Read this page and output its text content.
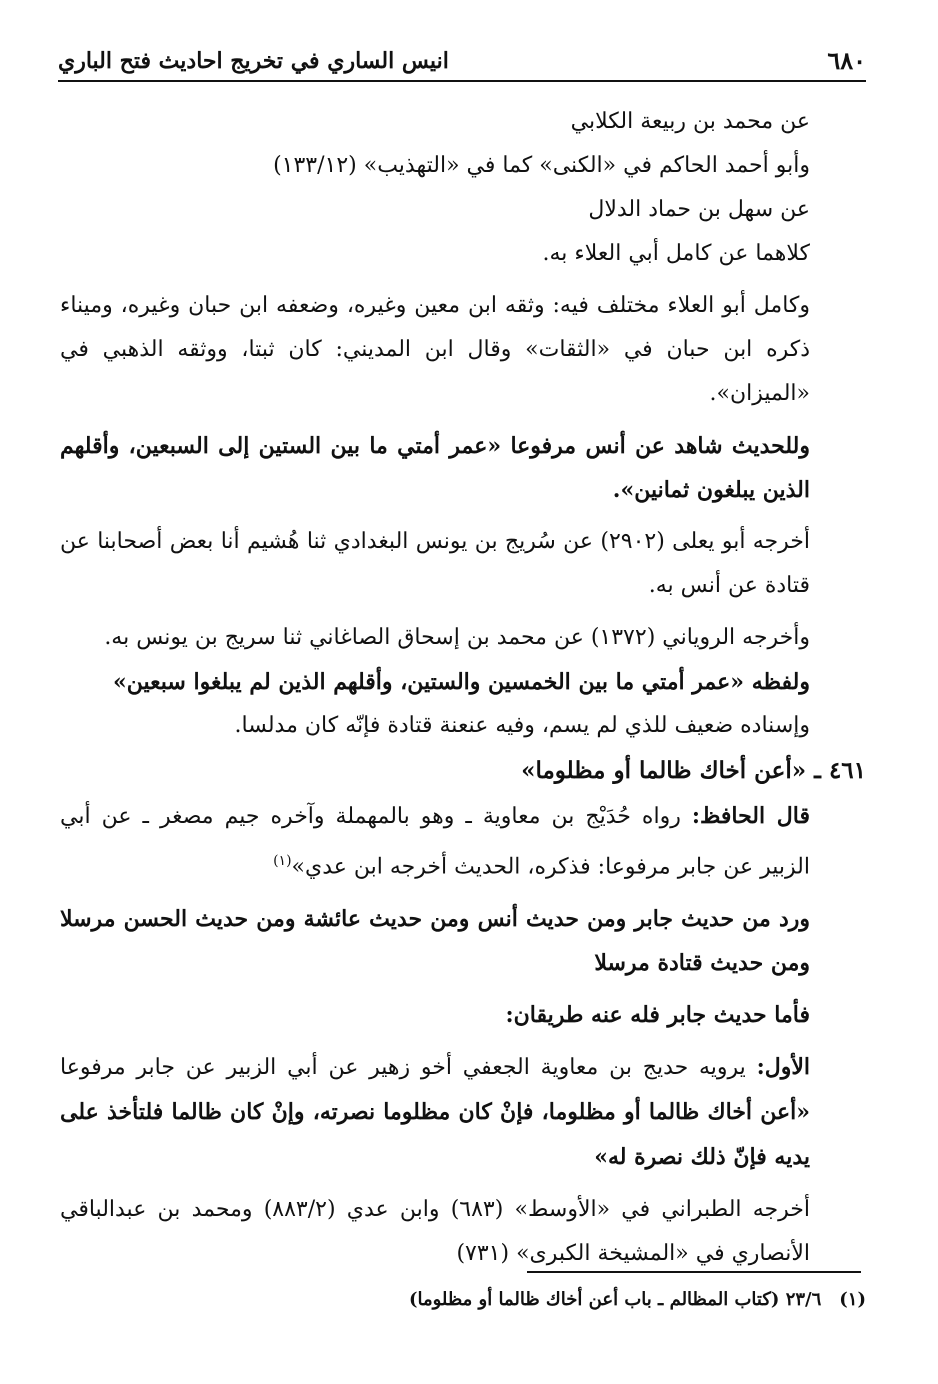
٦٨٠
انيس الساري في تخريج احاديث فتح الباري

عن محمد بن ربيعة الكلابي

وأبو أحمد الحاكم في «الكنى» كما في «التهذيب» (١٣٣/١٢)

عن سهل بن حماد الدلال

كلاهما عن كامل أبي العلاء به.

وكامل أبو العلاء مختلف فيه: وثقه ابن معين وغيره، وضعفه ابن حبان وغيره، وميناء ذكره ابن حبان في «الثقات» وقال ابن المديني: كان ثبتا، ووثقه الذهبي في «الميزان».

وللحديث شاهد عن أنس مرفوعا «عمر أمتي ما بين الستين إلى السبعين، وأقلهم الذين يبلغون ثمانين».

أخرجه أبو يعلى (٢٩٠٢) عن سُريج بن يونس البغدادي ثنا هُشيم أنا بعض أصحابنا عن قتادة عن أنس به.

وأخرجه الروياني (١٣٧٢) عن محمد بن إسحاق الصاغاني ثنا سريج بن يونس به.

ولفظه «عمر أمتي ما بين الخمسين والستين، وأقلهم الذين لم يبلغوا سبعين»

وإسناده ضعيف للذي لم يسم، وفيه عنعنة قتادة فإنّه كان مدلسا.

٤٦١ ـ «أعن أخاك ظالما أو مظلوما»

قال الحافظ: رواه حُدَيْج بن معاوية ـ وهو بالمهملة وآخره جيم مصغر ـ عن أبي الزبير عن جابر مرفوعا: فذكره، الحديث أخرجه ابن عدي»$^{(١)}$

ورد من حديث جابر ومن حديث أنس ومن حديث عائشة ومن حديث الحسن مرسلا ومن حديث قتادة مرسلا

فأما حديث جابر فله عنه طريقان:

الأول: يرويه حديج بن معاوية الجعفي أخو زهير عن أبي الزبير عن جابر مرفوعا «أعن أخاك ظالما أو مظلوما، فإنْ كان مظلوما نصرته، وإنْ كان ظالما فلتأخذ على يديه فإنّ ذلك نصرة له»

أخرجه الطبراني في «الأوسط» (٦٨٣) وابن عدي (٨٨٣/٢) ومحمد بن عبدالباقي الأنصاري في «المشيخة الكبرى» (٧٣١)

(١)٢٣/٦ (كتاب المظالم ـ باب أعن أخاك ظالما أو مظلوما)
